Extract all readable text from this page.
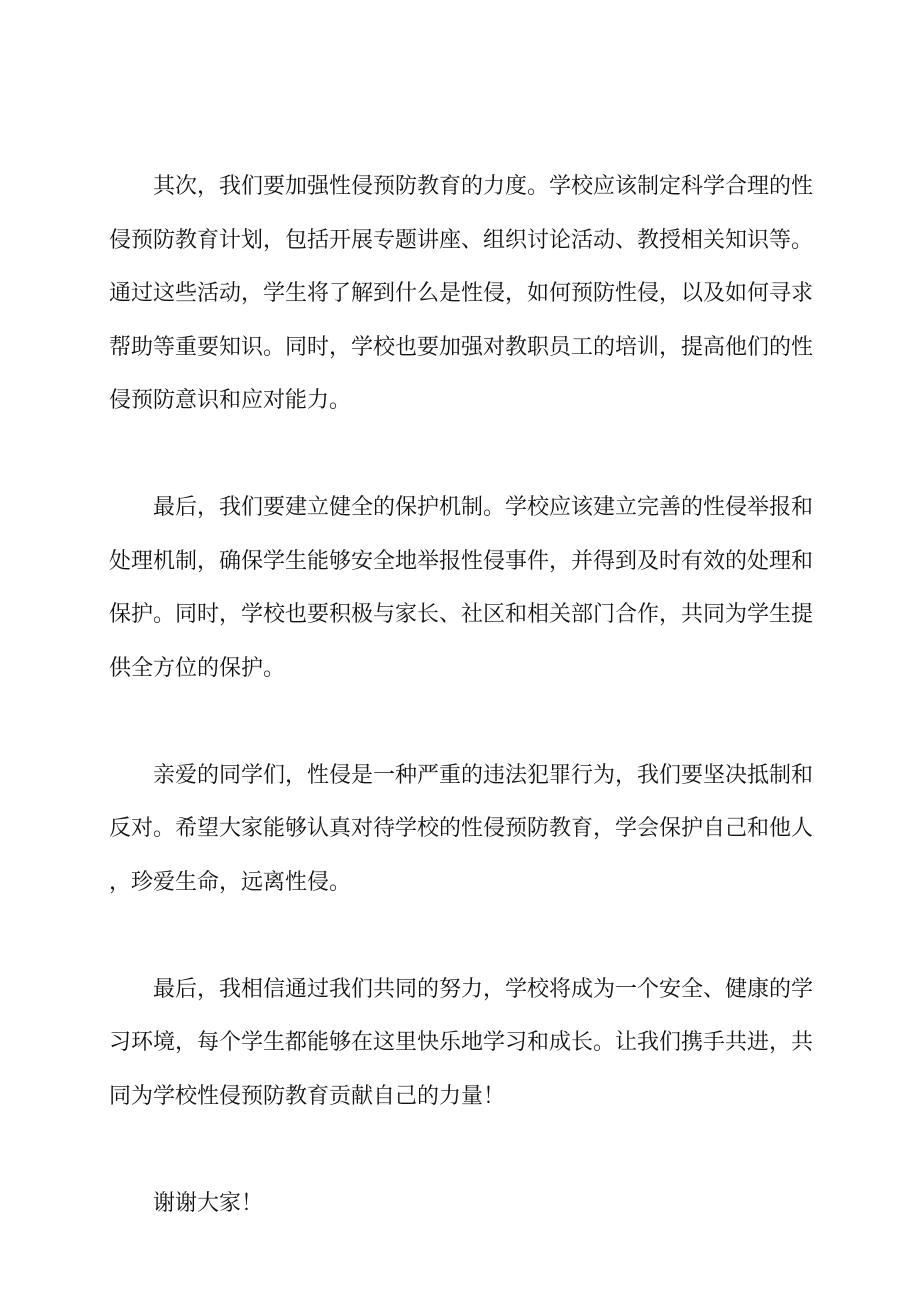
其次，我们要加强性侵预防教育的力度。学校应该制定科学合理的性侵预防教育计划，包括开展专题讲座、组织讨论活动、教授相关知识等。通过这些活动，学生将了解到什么是性侵，如何预防性侵，以及如何寻求帮助等重要知识。同时，学校也要加强对教职员工的培训，提高他们的性侵预防意识和应对能力。

最后，我们要建立健全的保护机制。学校应该建立完善的性侵举报和处理机制，确保学生能够安全地举报性侵事件，并得到及时有效的处理和保护。同时，学校也要积极与家长、社区和相关部门合作，共同为学生提供全方位的保护。

亲爱的同学们，性侵是一种严重的违法犯罪行为，我们要坚决抵制和反对。希望大家能够认真对待学校的性侵预防教育，学会保护自己和他人，珍爱生命，远离性侵。

最后，我相信通过我们共同的努力，学校将成为一个安全、健康的学习环境，每个学生都能够在这里快乐地学习和成长。让我们携手共进，共同为学校性侵预防教育贡献自己的力量！

谢谢大家！
